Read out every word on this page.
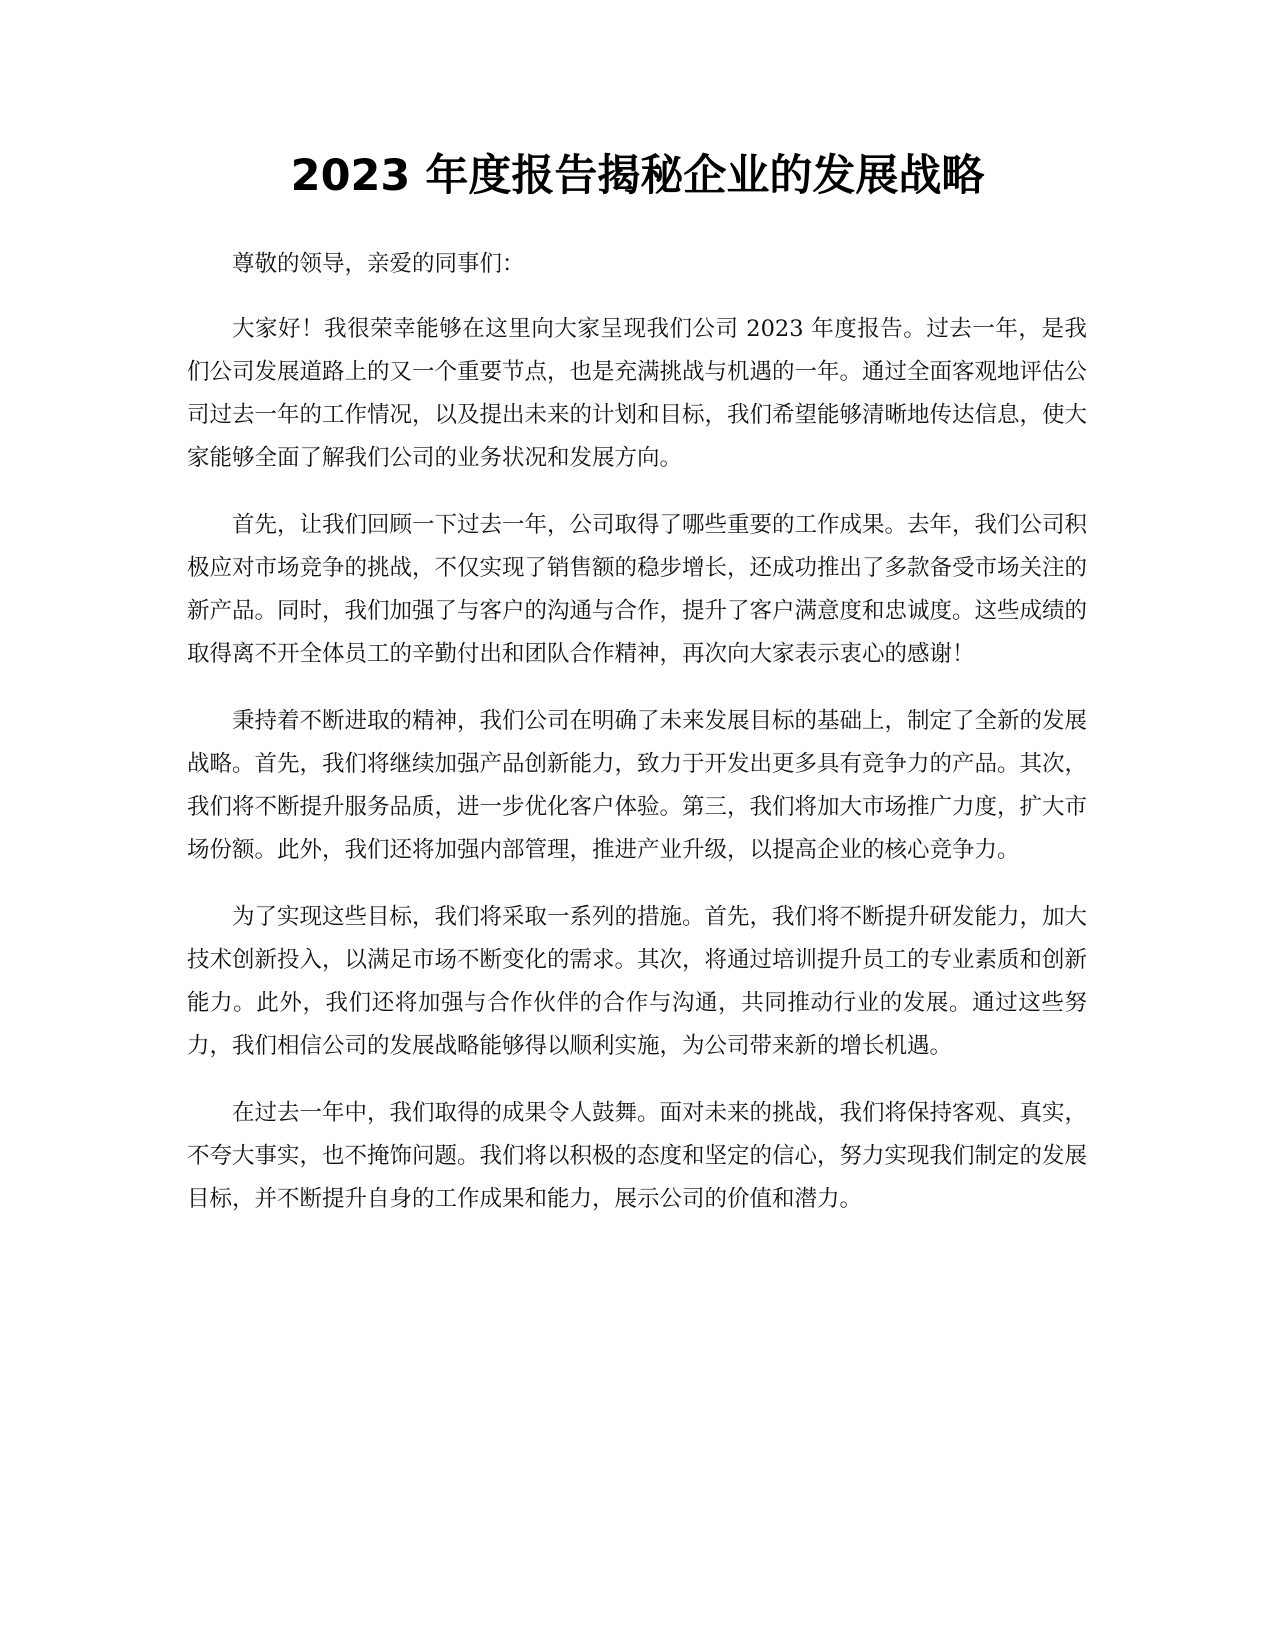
2023 年度报告揭秘企业的发展战略

尊敬的领导，亲爱的同事们：

大家好！我很荣幸能够在这里向大家呈现我们公司 2023 年度报告。过去一年，是我们公司发展道路上的又一个重要节点，也是充满挑战与机遇的一年。通过全面客观地评估公司过去一年的工作情况，以及提出未来的计划和目标，我们希望能够清晰地传达信息，使大家能够全面了解我们公司的业务状况和发展方向。

首先，让我们回顾一下过去一年，公司取得了哪些重要的工作成果。去年，我们公司积极应对市场竞争的挑战，不仅实现了销售额的稳步增长，还成功推出了多款备受市场关注的新产品。同时，我们加强了与客户的沟通与合作，提升了客户满意度和忠诚度。这些成绩的取得离不开全体员工的辛勤付出和团队合作精神，再次向大家表示衷心的感谢！

秉持着不断进取的精神，我们公司在明确了未来发展目标的基础上，制定了全新的发展战略。首先，我们将继续加强产品创新能力，致力于开发出更多具有竞争力的产品。其次，我们将不断提升服务品质，进一步优化客户体验。第三，我们将加大市场推广力度，扩大市场份额。此外，我们还将加强内部管理，推进产业升级，以提高企业的核心竞争力。

为了实现这些目标，我们将采取一系列的措施。首先，我们将不断提升研发能力，加大技术创新投入，以满足市场不断变化的需求。其次，将通过培训提升员工的专业素质和创新能力。此外，我们还将加强与合作伙伴的合作与沟通，共同推动行业的发展。通过这些努力，我们相信公司的发展战略能够得以顺利实施，为公司带来新的增长机遇。

在过去一年中，我们取得的成果令人鼓舞。面对未来的挑战，我们将保持客观、真实，不夸大事实，也不掩饰问题。我们将以积极的态度和坚定的信心，努力实现我们制定的发展目标，并不断提升自身的工作成果和能力，展示公司的价值和潜力。
